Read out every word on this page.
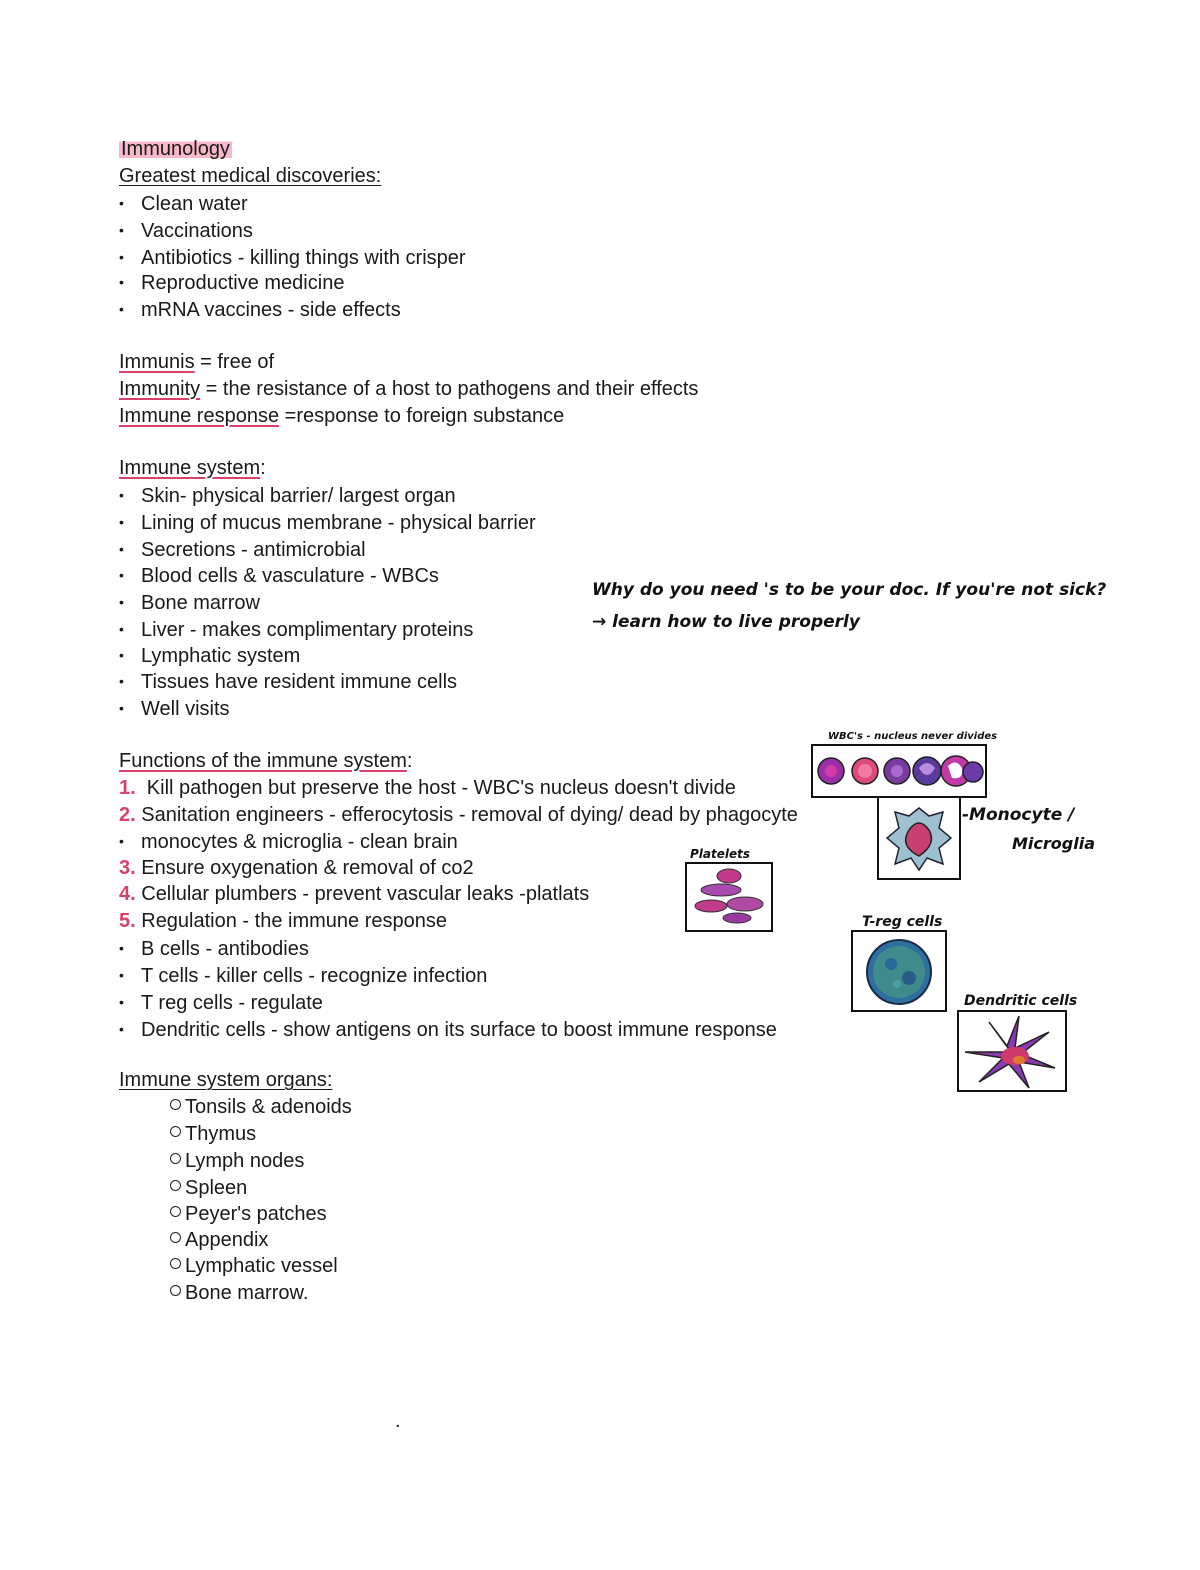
Immunology
Greatest medical discoveries:
• Clean water
• Vaccinations
• Antibiotics - killing things with crisper
• Reproductive medicine
• mRNA vaccines - side effects
Immunis = free of
Immunity = the resistance of a host to pathogens and their effects
Immune response =response to foreign substance
Immune system:
• Skin- physical barrier/ largest organ
• Lining of mucus membrane - physical barrier
• Secretions - antimicrobial
• Blood cells & vasculature - WBCs
• Bone marrow
• Liver - makes complimentary proteins
• Lymphatic system
• Tissues have resident immune cells
• Well visits
Why do you need 's to be your doc. If you're not sick?
→ learn how to live properly
Functions of the immune system:
1.  Kill pathogen but preserve the host - WBC's nucleus doesn't divide
2. Sanitation engineers - efferocytosis - removal of dying/ dead by phagocyte
• monocytes & microglia - clean brain
3. Ensure oxygenation & removal of co2
4. Cellular plumbers - prevent vascular leaks -platlats
5. Regulation - the immune response
• B cells - antibodies
• T cells - killer cells - recognize infection
• T reg cells - regulate
• Dendritic cells - show antigens on its surface to boost immune response
WBC's - nucleus never divides
-Monocyte /
Microglia
Platelets
T-reg cells
Dendritic cells
Immune system organs:
Tonsils & adenoids
Thymus
Lymph nodes
Spleen
Peyer's patches
Appendix
Lymphatic vessel
Bone marrow.
.
